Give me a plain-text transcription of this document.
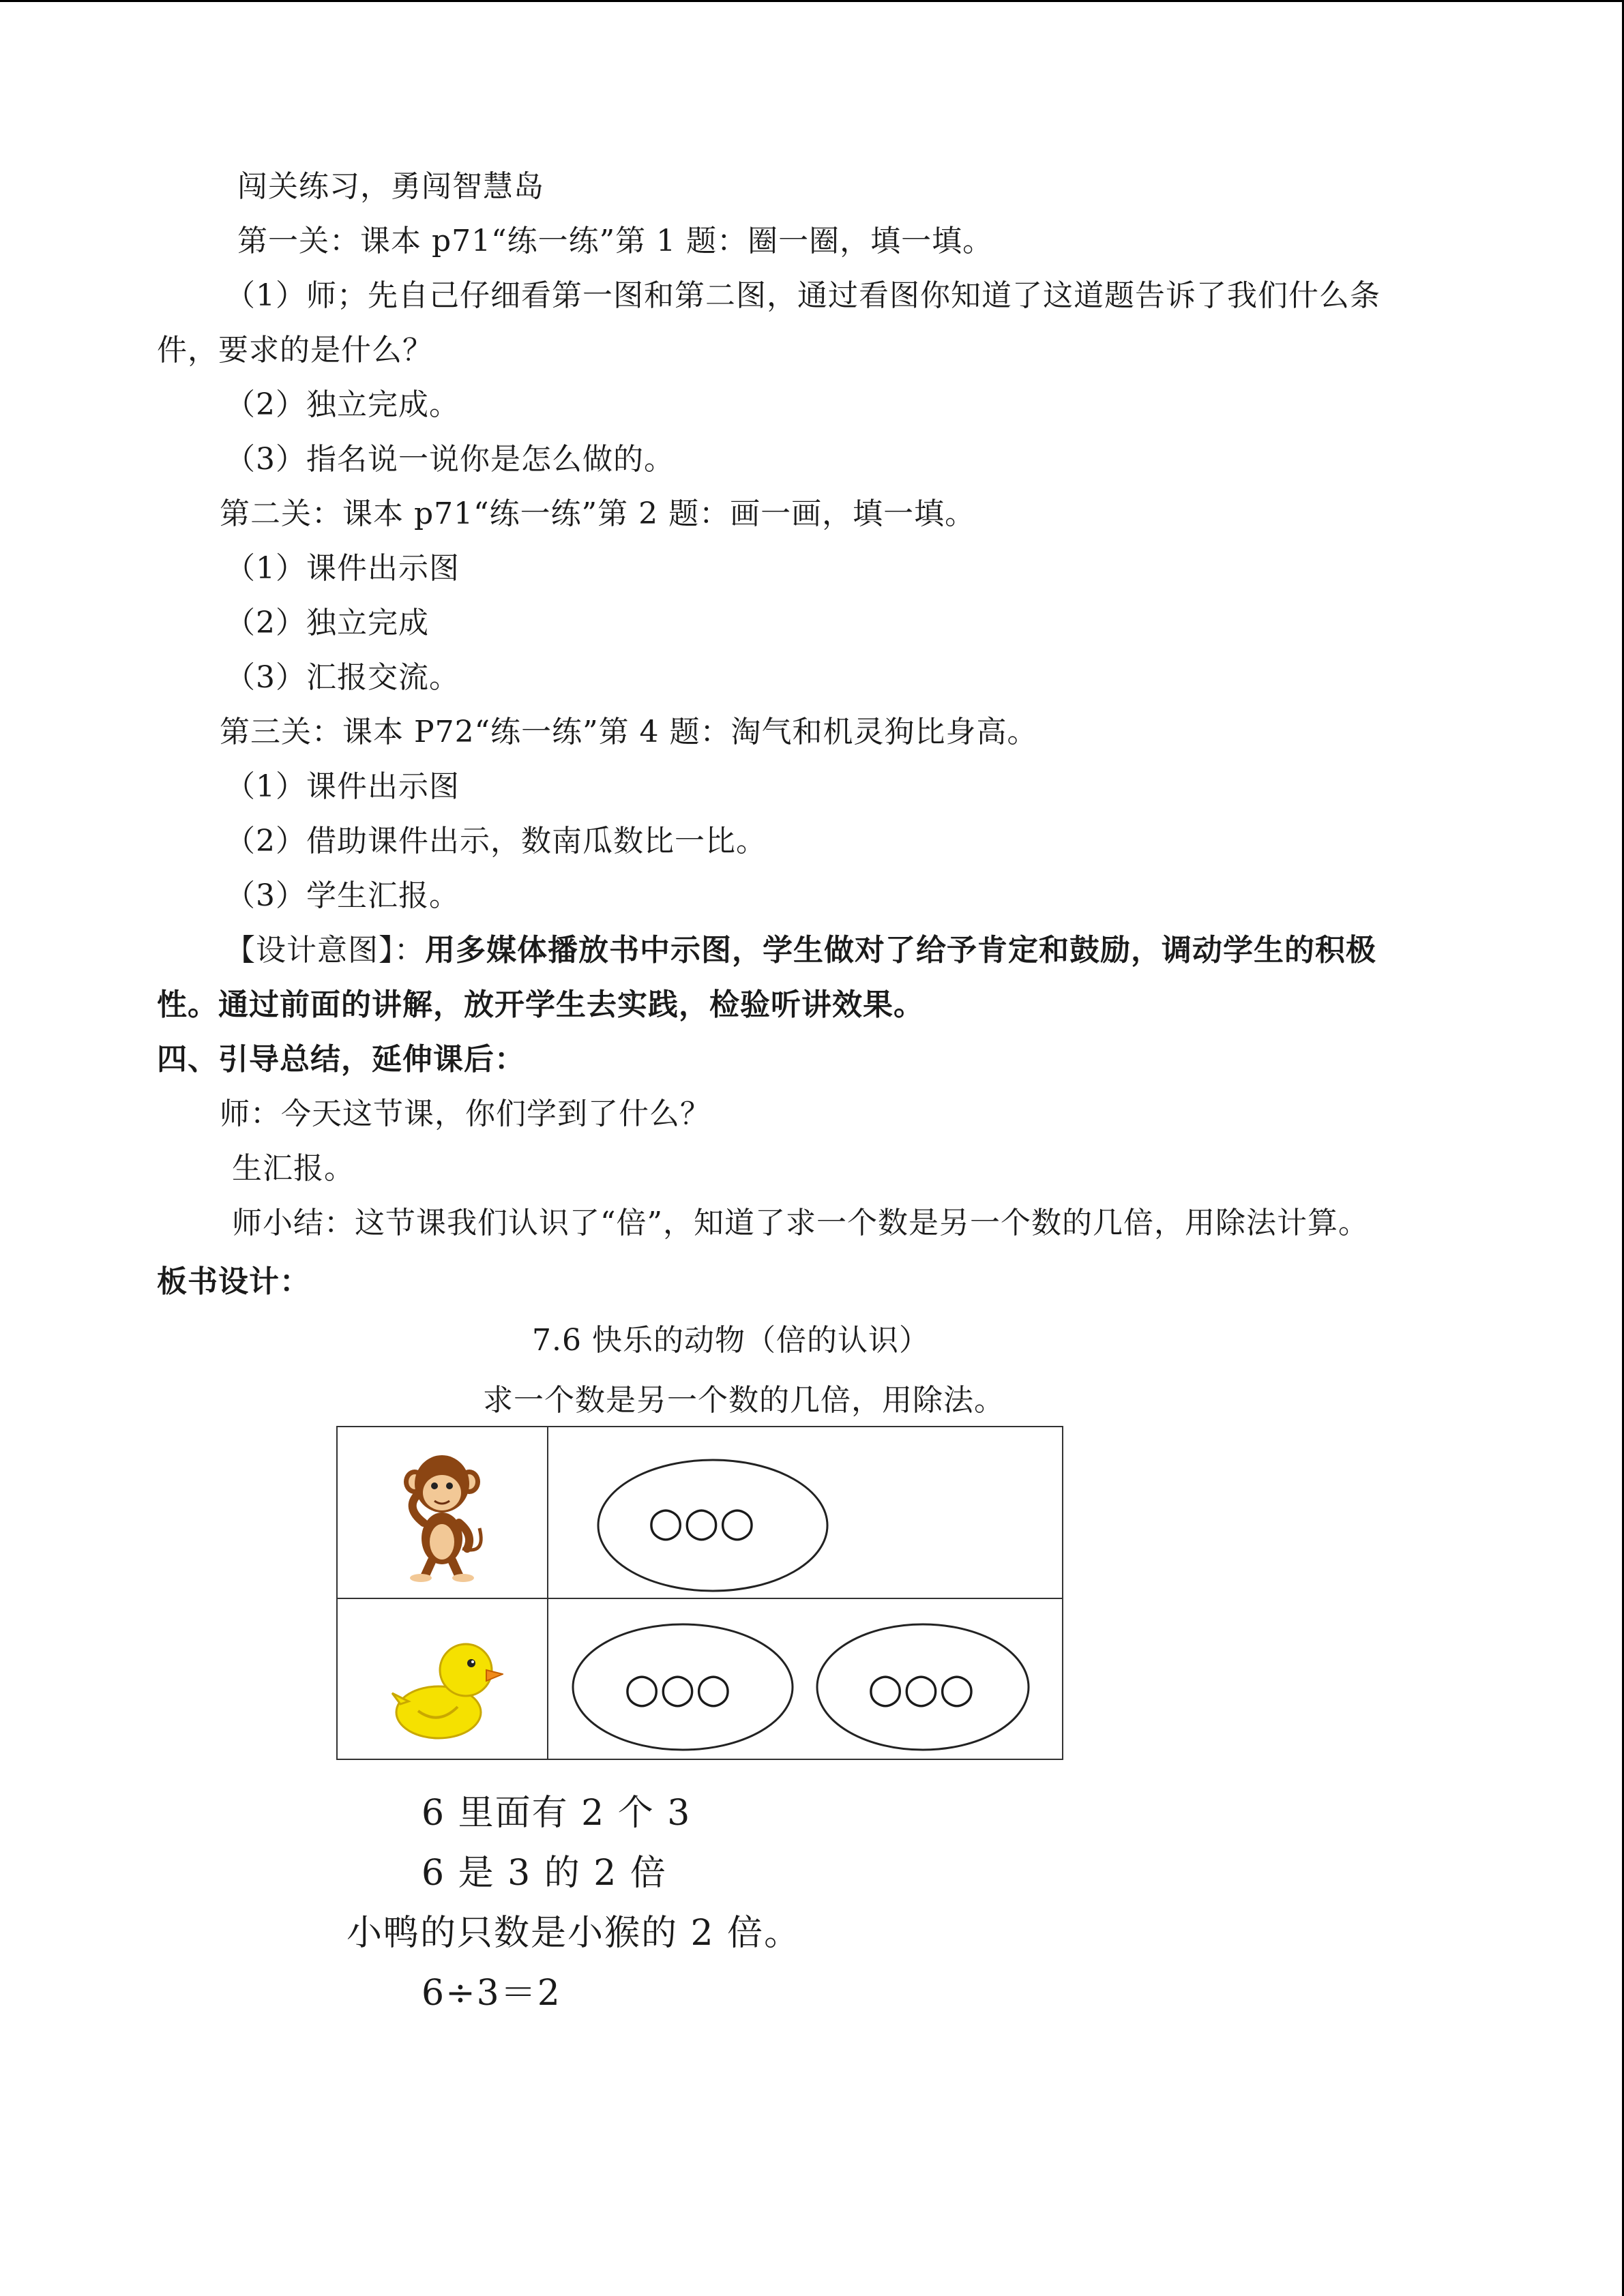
闯关练习，勇闯智慧岛
第一关：课本 p71“练一练”第 1 题：圈一圈，填一填。
（1）师；先自己仔细看第一图和第二图，通过看图你知道了这道题告诉了我们什么条
件，要求的是什么？
（2）独立完成。
（3）指名说一说你是怎么做的。
第二关：课本 p71“练一练”第 2 题：画一画，填一填。
（1）课件出示图
（2）独立完成
（3）汇报交流。
第三关：课本 P72“练一练”第 4 题：淘气和机灵狗比身高。
（1）课件出示图
（2）借助课件出示，数南瓜数比一比。
（3）学生汇报。
【设计意图】：用多媒体播放书中示图，学生做对了给予肯定和鼓励，调动学生的积极
性。通过前面的讲解，放开学生去实践，检验听讲效果。
四、引导总结，延伸课后：
师：今天这节课，你们学到了什么？
生汇报。
师小结：这节课我们认识了“倍”，知道了求一个数是另一个数的几倍，用除法计算。
板书设计：
7.6 快乐的动物（倍的认识）
求一个数是另一个数的几倍，用除法。
○○○
○○○	○○○
6 里面有 2 个 3
6 是 3 的 2 倍
小鸭的只数是小猴的 2 倍。
6÷3＝2
